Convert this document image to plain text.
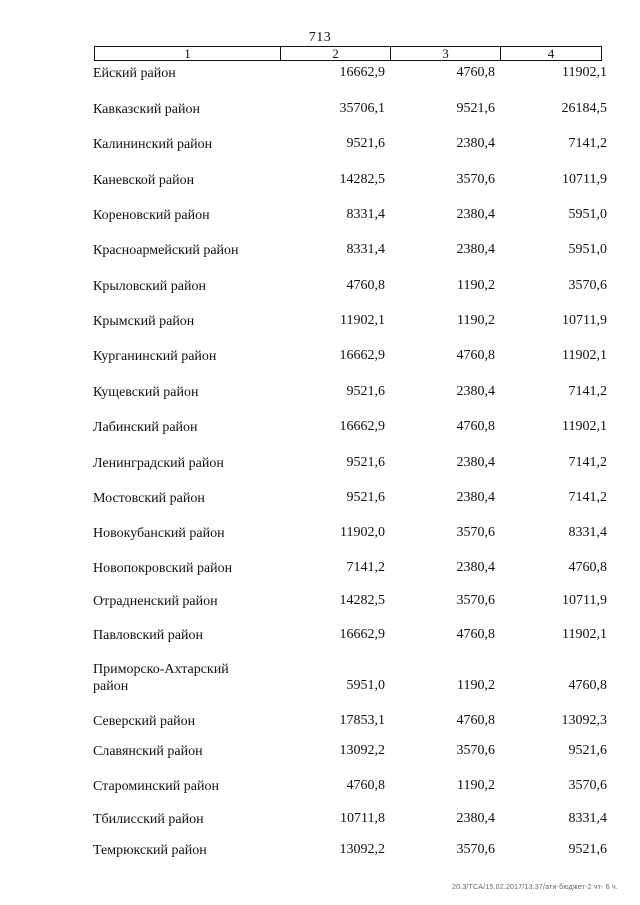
713
1	2	3	4
Ейский район	16662,9	4760,8	11902,1
Кавказский район	35706,1	9521,6	26184,5
Калининский район	9521,6	2380,4	7141,2
Каневской район	14282,5	3570,6	10711,9
Кореновский район	8331,4	2380,4	5951,0
Красноармейский район	8331,4	2380,4	5951,0
Крыловский район	4760,8	1190,2	3570,6
Крымский район	11902,1	1190,2	10711,9
Курганинский район	16662,9	4760,8	11902,1
Кущевский район	9521,6	2380,4	7141,2
Лабинский район	16662,9	4760,8	11902,1
Ленинградский район	9521,6	2380,4	7141,2
Мостовский район	9521,6	2380,4	7141,2
Новокубанский район	11902,0	3570,6	8331,4
Новопокровский район	7141,2	2380,4	4760,8
Отрадненский район	14282,5	3570,6	10711,9
Павловский район	16662,9	4760,8	11902,1
Приморско-Ахтарский район	5951,0	1190,2	4760,8
Северский район	17853,1	4760,8	13092,3
Славянский район	13092,2	3570,6	9521,6
Староминский район	4760,8	1190,2	3570,6
Тбилисский район	10711,8	2380,4	8331,4
Темрюкский район	13092,2	3570,6	9521,6
20.3/TCA/15.02.2017/13:37/ати-бюджет-2 чт- 6 ч.
